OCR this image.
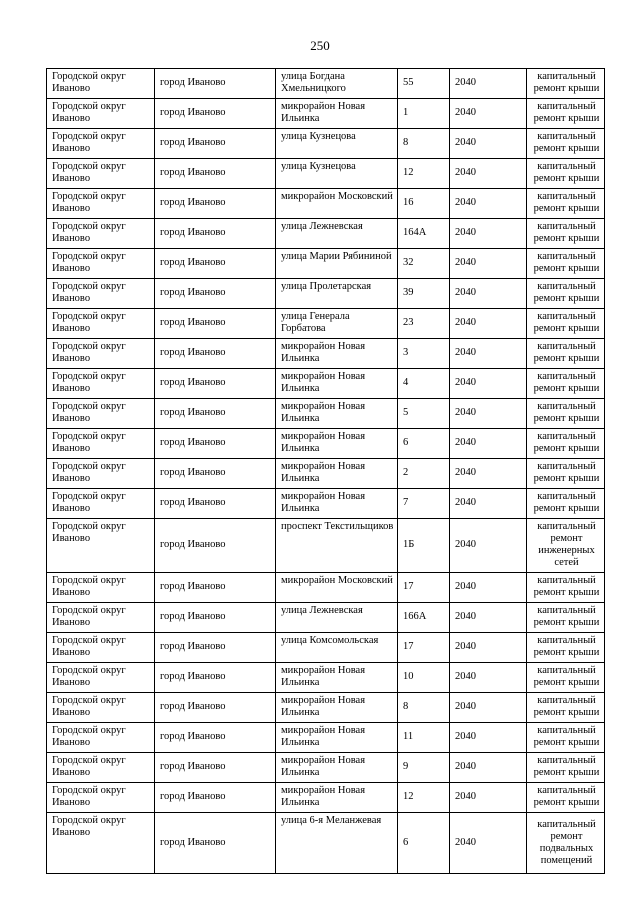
250
Городской округ Иваново	город Иваново	улица Богдана Хмельницкого	55	2040	капитальный ремонт крыши
Городской округ Иваново	город Иваново	микрорайон Новая Ильинка	1	2040	капитальный ремонт крыши
Городской округ Иваново	город Иваново	улица Кузнецова	8	2040	капитальный ремонт крыши
Городской округ Иваново	город Иваново	улица Кузнецова	12	2040	капитальный ремонт крыши
Городской округ Иваново	город Иваново	микрорайон Московский	16	2040	капитальный ремонт крыши
Городской округ Иваново	город Иваново	улица Лежневская	164А	2040	капитальный ремонт крыши
Городской округ Иваново	город Иваново	улица Марии Рябининой	32	2040	капитальный ремонт крыши
Городской округ Иваново	город Иваново	улица Пролетарская	39	2040	капитальный ремонт крыши
Городской округ Иваново	город Иваново	улица Генерала Горбатова	23	2040	капитальный ремонт крыши
Городской округ Иваново	город Иваново	микрорайон Новая Ильинка	3	2040	капитальный ремонт крыши
Городской округ Иваново	город Иваново	микрорайон Новая Ильинка	4	2040	капитальный ремонт крыши
Городской округ Иваново	город Иваново	микрорайон Новая Ильинка	5	2040	капитальный ремонт крыши
Городской округ Иваново	город Иваново	микрорайон Новая Ильинка	6	2040	капитальный ремонт крыши
Городской округ Иваново	город Иваново	микрорайон Новая Ильинка	2	2040	капитальный ремонт крыши
Городской округ Иваново	город Иваново	микрорайон Новая Ильинка	7	2040	капитальный ремонт крыши
Городской округ Иваново	город Иваново	проспект Текстильщиков	1Б	2040	капитальный ремонт инженерных сетей
Городской округ Иваново	город Иваново	микрорайон Московский	17	2040	капитальный ремонт крыши
Городской округ Иваново	город Иваново	улица Лежневская	166А	2040	капитальный ремонт крыши
Городской округ Иваново	город Иваново	улица Комсомольская	17	2040	капитальный ремонт крыши
Городской округ Иваново	город Иваново	микрорайон Новая Ильинка	10	2040	капитальный ремонт крыши
Городской округ Иваново	город Иваново	микрорайон Новая Ильинка	8	2040	капитальный ремонт крыши
Городской округ Иваново	город Иваново	микрорайон Новая Ильинка	11	2040	капитальный ремонт крыши
Городской округ Иваново	город Иваново	микрорайон Новая Ильинка	9	2040	капитальный ремонт крыши
Городской округ Иваново	город Иваново	микрорайон Новая Ильинка	12	2040	капитальный ремонт крыши
Городской округ Иваново	город Иваново	улица 6-я Меланжевая	6	2040	капитальный ремонт подвальных помещений
